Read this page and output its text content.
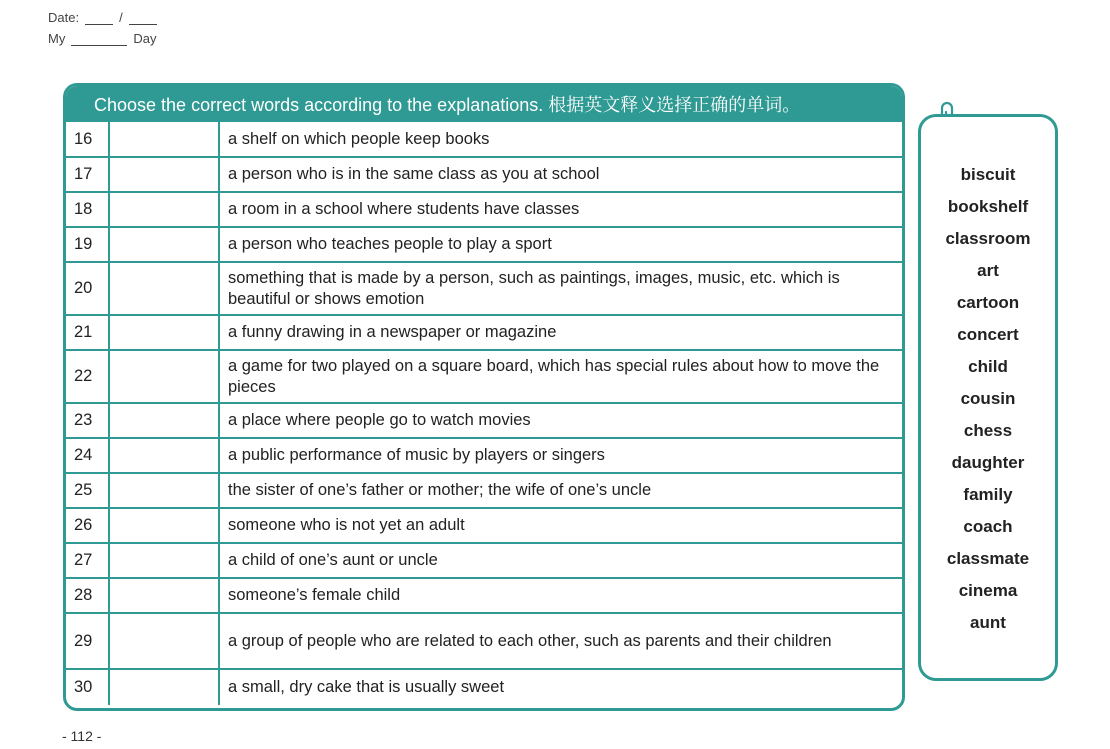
Date:	/
My	Day
Choose the correct words according to the explanations. 根据英文释义选择正确的单词。
16		a shelf on which people keep books
17		a person who is in the same class as you at school
18		a room in a school where students have classes
19		a person who teaches people to play a sport
20		something that is made by a person, such as paintings, images, music, etc. which is beautiful or shows emotion
21		a funny drawing in a newspaper or magazine
22		a game for two played on a square board, which has special rules about how to move the pieces
23		a place where people go to watch movies
24		a public performance of music by players or singers
25		the sister of one’s father or mother; the wife of one’s uncle
26		someone who is not yet an adult
27		a child of one’s aunt or uncle
28		someone’s female child
29		a group of people who are related to each other, such as parents and their children
30		a small, dry cake that is usually sweet
biscuit
bookshelf
classroom
art
cartoon
concert
child
cousin
chess
daughter
family
coach
classmate
cinema
aunt
- 112 -
